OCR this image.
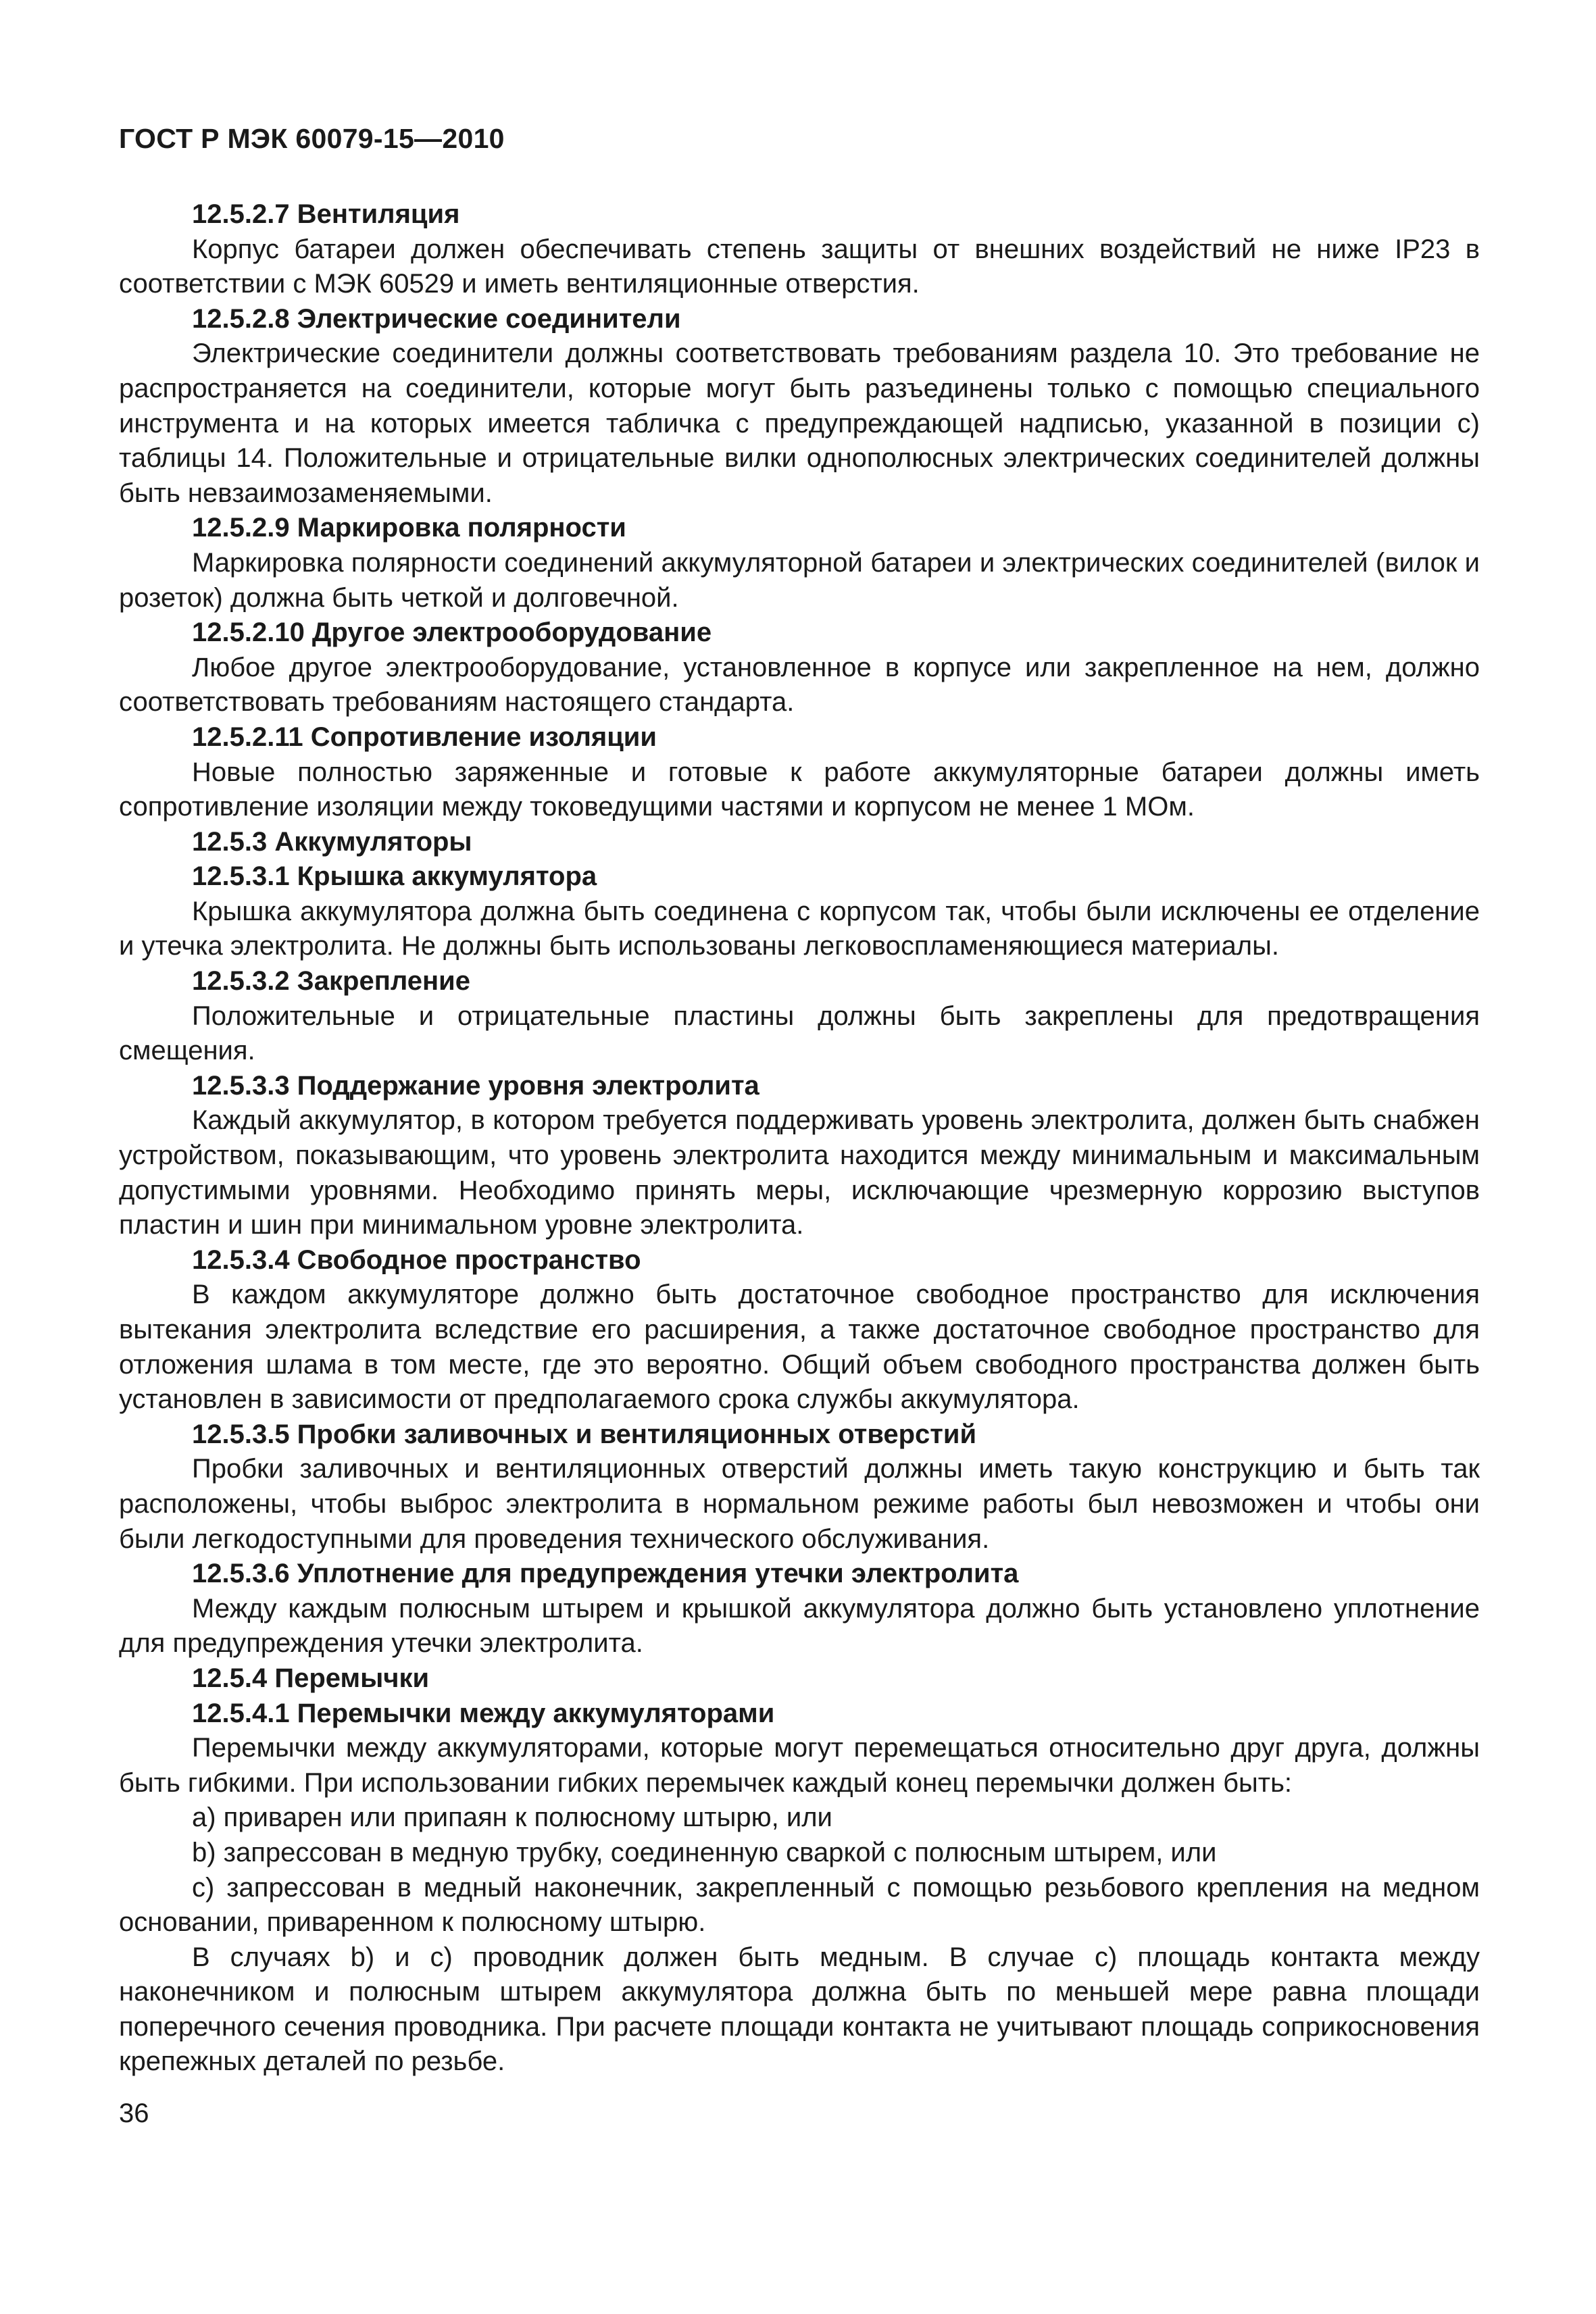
ГОСТ Р МЭК 60079-15—2010

12.5.2.7 Вентиляция

Корпус батареи должен обеспечивать степень защиты от внешних воздействий не ниже IP23 в соответствии с МЭК 60529 и иметь вентиляционные отверстия.

12.5.2.8 Электрические соединители

Электрические соединители должны соответствовать требованиям раздела 10. Это требование не распространяется на соединители, которые могут быть разъединены только с помощью специального инструмента и на которых имеется табличка с предупреждающей надписью, указанной в позиции с) таблицы 14. Положительные и отрицательные вилки однополюсных электрических соединителей должны быть невзаимозаменяемыми.

12.5.2.9 Маркировка полярности

Маркировка полярности соединений аккумуляторной батареи и электрических соединителей (вилок и розеток) должна быть четкой и долговечной.

12.5.2.10 Другое электрооборудование

Любое другое электрооборудование, установленное в корпусе или закрепленное на нем, должно соответствовать требованиям настоящего стандарта.

12.5.2.11 Сопротивление изоляции

Новые полностью заряженные и готовые к работе аккумуляторные батареи должны иметь сопротивление изоляции между токоведущими частями и корпусом не менее 1 МОм.

12.5.3 Аккумуляторы

12.5.3.1 Крышка аккумулятора

Крышка аккумулятора должна быть соединена с корпусом так, чтобы были исключены ее отделение и утечка электролита. Не должны быть использованы легковоспламеняющиеся материалы.

12.5.3.2 Закрепление

Положительные и отрицательные пластины должны быть закреплены для предотвращения смещения.

12.5.3.3 Поддержание уровня электролита

Каждый аккумулятор, в котором требуется поддерживать уровень электролита, должен быть снабжен устройством, показывающим, что уровень электролита находится между минимальным и максимальным допустимыми уровнями. Необходимо принять меры, исключающие чрезмерную коррозию выступов пластин и шин при минимальном уровне электролита.

12.5.3.4 Свободное пространство

В каждом аккумуляторе должно быть достаточное свободное пространство для исключения вытекания электролита вследствие его расширения, а также достаточное свободное пространство для отложения шлама в том месте, где это вероятно. Общий объем свободного пространства должен быть установлен в зависимости от предполагаемого срока службы аккумулятора.

12.5.3.5 Пробки заливочных и вентиляционных отверстий

Пробки заливочных и вентиляционных отверстий должны иметь такую конструкцию и быть так расположены, чтобы выброс электролита в нормальном режиме работы был невозможен и чтобы они были легкодоступными для проведения технического обслуживания.

12.5.3.6 Уплотнение для предупреждения утечки электролита

Между каждым полюсным штырем и крышкой аккумулятора должно быть установлено уплотнение для предупреждения утечки электролита.

12.5.4 Перемычки

12.5.4.1 Перемычки между аккумуляторами

Перемычки между аккумуляторами, которые могут перемещаться относительно друг друга, должны быть гибкими. При использовании гибких перемычек каждый конец перемычки должен быть:

a) приварен или припаян к полюсному штырю, или

b) запрессован в медную трубку, соединенную сваркой с полюсным штырем, или

c) запрессован в медный наконечник, закрепленный с помощью резьбового крепления на медном основании, приваренном к полюсному штырю.

В случаях b) и c) проводник должен быть медным. В случае c) площадь контакта между наконечником и полюсным штырем аккумулятора должна быть по меньшей мере равна площади поперечного сечения проводника. При расчете площади контакта не учитывают площадь соприкосновения крепежных деталей по резьбе.

36
